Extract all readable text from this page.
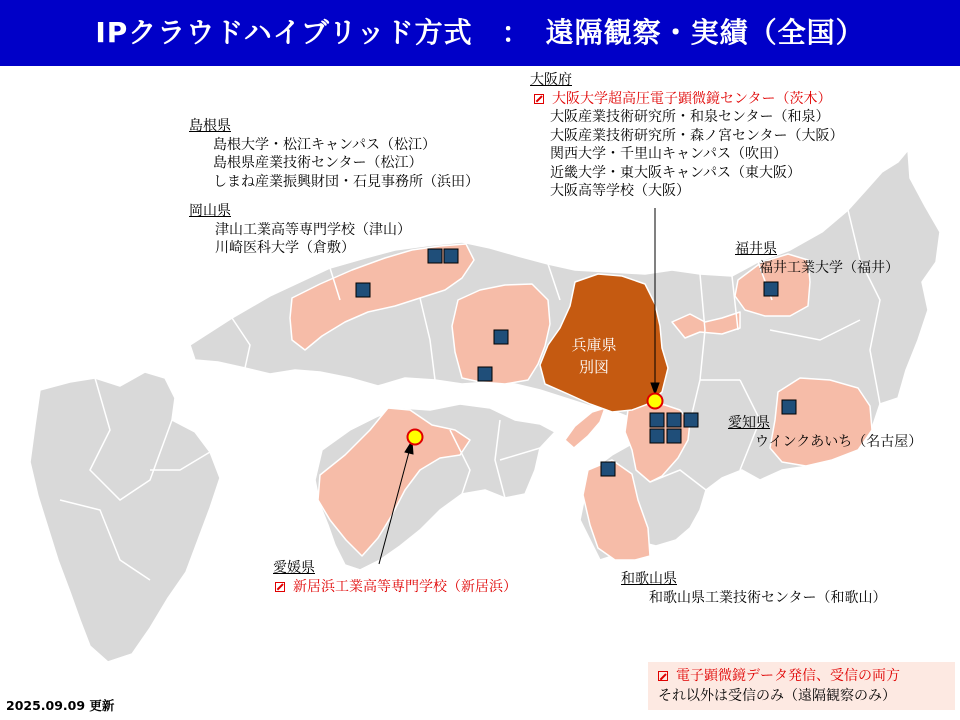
IPクラウドハイブリッド方式　：　遠隔観察・実績（全国）
兵庫県
別図
大阪府
大阪大学超高圧電子顕微鏡センター（茨木）
大阪産業技術研究所・和泉センター（和泉）
大阪産業技術研究所・森ノ宮センター（大阪）
関西大学・千里山キャンパス（吹田）
近畿大学・東大阪キャンパス（東大阪）
大阪高等学校（大阪）
島根県
島根大学・松江キャンパス（松江）
島根県産業技術センター（松江）
しまね産業振興財団・石見事務所（浜田）
岡山県
津山工業高等専門学校（津山）
川崎医科大学（倉敷）	福井県
福井工業大学（福井）
愛知県
ウインクあいち（名古屋）
愛媛県
新居浜工業高等専門学校（新居浜）	和歌山県
和歌山県工業技術センター（和歌山）
電子顕微鏡データ発信、受信の両方
それ以外は受信のみ（遠隔観察のみ）
2025.09.09 更新
